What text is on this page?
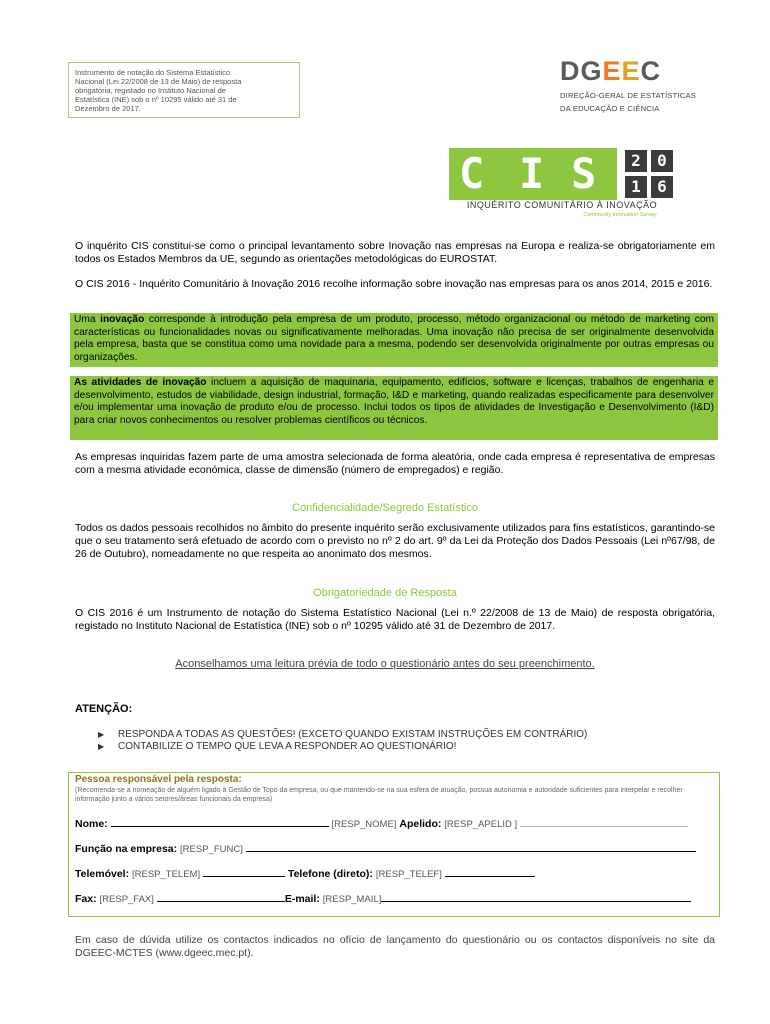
Instrumento de notação do Sistema Estatístico
Nacional (Lei 22/2008 de 13 de Maio) de resposta
obrigatória, registado no Instituto Nacional de
Estatística (INE) sob o nº 10295 válido até 31 de
Dezembro de 2017.
DGEEC
DIREÇÃO-GERAL DE ESTATÍSTICAS
DA EDUCAÇÃO E CIÊNCIA
C I S	2	0
1	6
INQUÉRITO COMUNITÁRIO À INOVAÇÃO
Community Innovation Survey
O inquérito CIS constitui-se como o principal levantamento sobre Inovação nas empresas na Europa e realiza-se obrigatoriamente em todos os Estados Membros da UE, segundo as orientações metodológicas do EUROSTAT.
O CIS 2016 - Inquérito Comunitário à Inovação 2016 recolhe informação sobre inovação nas empresas para os anos 2014, 2015 e 2016.
Uma inovação corresponde à introdução pela empresa de um produto, processo, método organizacional ou método de marketing com características ou funcionalidades novas ou significativamente melhoradas. Uma inovação não precisa de ser originalmente desenvolvida pela empresa, basta que se constitua como uma novidade para a mesma, podendo ser desenvolvida originalmente por outras empresas ou organizações.
As atividades de inovação incluem a aquisição de maquinaria, equipamento, edifícios, software e licenças, trabalhos de engenharia e desenvolvimento, estudos de viabilidade, design industrial, formação, I&D e marketing, quando realizadas especificamente para desenvolver e/ou implementar uma inovação de produto e/ou de processo. Inclui todos os tipos de atividades de Investigação e Desenvolvimento (I&D) para criar novos conhecimentos ou resolver problemas científicos ou técnicos.
As empresas inquiridas fazem parte de uma amostra selecionada de forma aleatória, onde cada empresa é representativa de empresas com a mesma atividade económica, classe de dimensão (número de empregados) e região.
Confidencialidade/Segredo Estatístico
Todos os dados pessoais recolhidos no âmbito do presente inquérito serão exclusivamente utilizados para fins estatísticos, garantindo-se que o seu tratamento será efetuado de acordo com o previsto no nº 2 do art. 9º da Lei da Proteção dos Dados Pessoais (Lei nº67/98, de 26 de Outubro), nomeadamente no que respeita ao anonimato dos mesmos.
Obrigatoriedade de Resposta
O CIS 2016 é um Instrumento de notação do Sistema Estatístico Nacional (Lei n.º 22/2008 de 13 de Maio) de resposta obrigatória, registado no Instituto Nacional de Estatística (INE) sob o nº 10295 válido até 31 de Dezembro de 2017.
Aconselhamos uma leitura prévia de todo o questionário antes do seu preenchimento.
ATENÇÃO:
▶ RESPONDA A TODAS AS QUESTÕES! (EXCETO QUANDO EXISTAM INSTRUÇÕES EM CONTRÁRIO)
▶ CONTABILIZE O TEMPO QUE LEVA A RESPONDER AO QUESTIONÁRIO!
Pessoa responsável pela resposta:
(Recomenda-se a nomeação de alguém ligado à Gestão de Topo da empresa, ou que mantendo-se na sua esfera de atuação, possua autonomia e autoridade suficientes para interpelar e recolher informação junto a vários setores/áreas funcionais da empresa)
Nome:	[RESP_NOME] Apelido: [RESP_APELID ]
Função na empresa: [RESP_FUNC]
Telemóvel: [RESP_TELEM]	Telefone (direto): [RESP_TELEF]
Fax: [RESP_FAX]	E-mail: [RESP_MAIL]
Em caso de dúvida utilize os contactos indicados no ofício de lançamento do questionário ou os contactos disponíveis no site da DGEEC-MCTES (www.dgeec.mec.pt).
